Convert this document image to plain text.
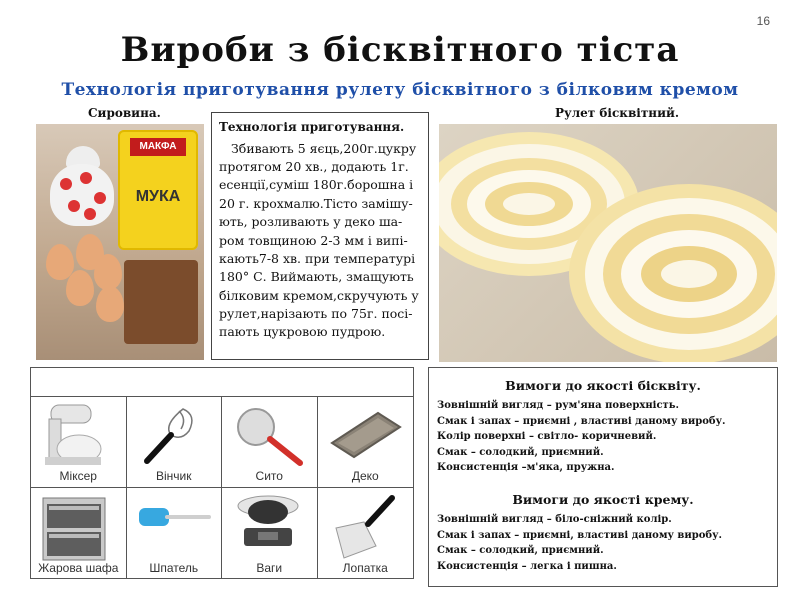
16
Вироби з бісквітного тіста
Технологія приготування рулету бісквітного з білковим кремом
Сировина.	Рулет бісквітний.
МАКФА
МУКА
Технологія приготування.
Збивають 5 яєць,200г.цукру протягом 20 хв., додають 1г. есенції,суміш 180г.борошна і 20 г. крохмалю.Тісто замішу-ють, розливають у деко ша-ром товщиною 2-3 мм і випі-кають7-8 хв. при температурі 180° С. Виймають, змащують білковим кремом,скручують у рулет,нарізають по 75г. посі-пають цукровою пудрою.
Міксер	Вінчик	Сито	Деко
Жарова шафа	Шпатель	Ваги	Лопатка
Вимоги до якості бісквіту.
Зовнішній вигляд – рум'яна поверхність.
Смак і запах – приємні , властиві даному виробу.
Колір поверхні – світло- коричневий.
Смак – солодкий, приємний.
Консистенція –м'яка, пружна.
Вимоги до якості крему.
Зовнішній вигляд – біло-сніжний колір.
Смак і запах – приємні, властиві даному виробу.
Смак – солодкий, приємний.
Консистенція – легка і пишна.
